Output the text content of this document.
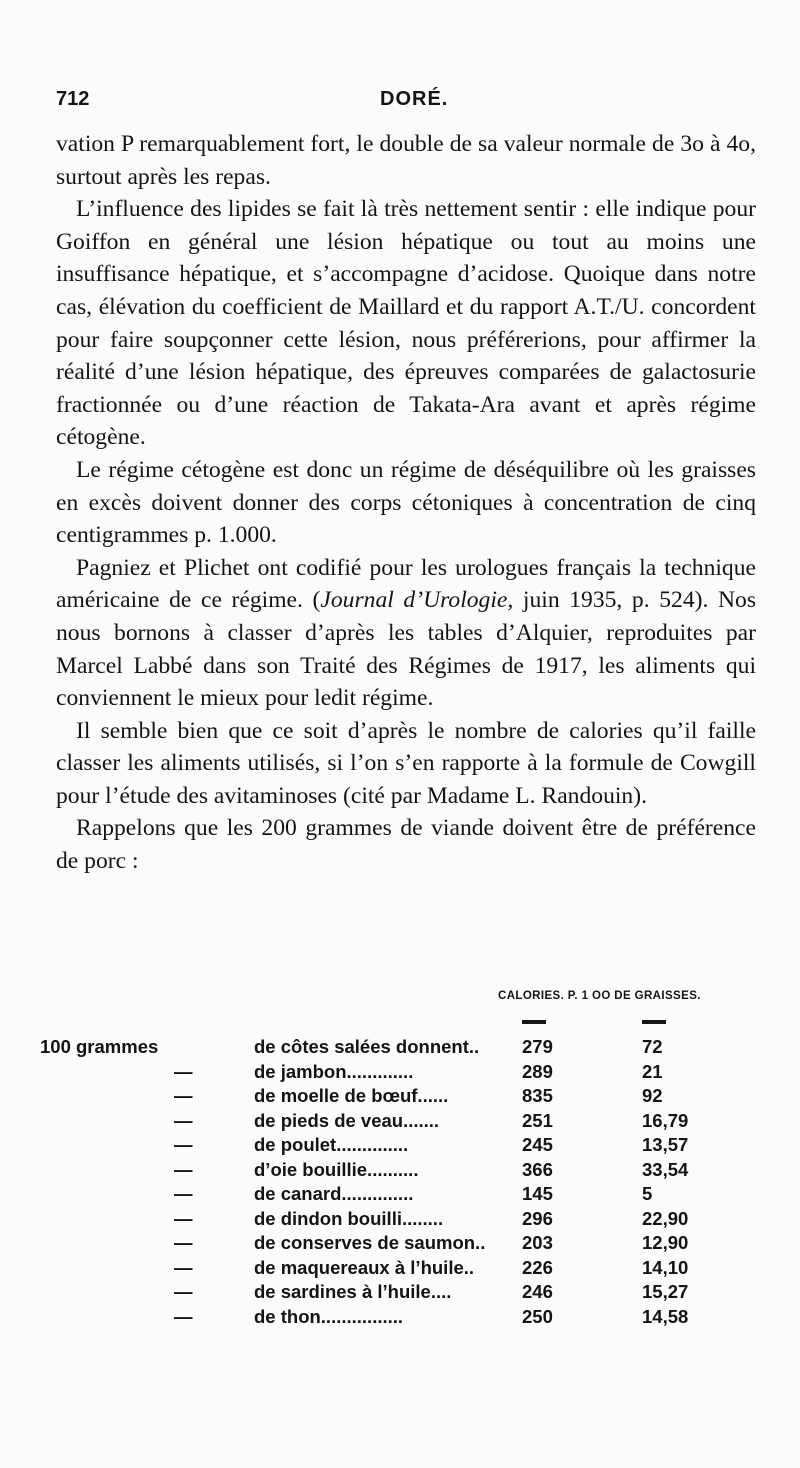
712	DORÉ.

vation P remarquablement fort, le double de sa valeur normale de 3o à 4o, surtout après les repas.

L’influence des lipides se fait là très nettement sentir : elle indique pour Goiffon en général une lésion hépatique ou tout au moins une insuffisance hépatique, et s’accompagne d’acidose. Quoique dans notre cas, élévation du coefficient de Maillard et du rapport A.T./U. concordent pour faire soupçonner cette lésion, nous préférerions, pour affirmer la réalité d’une lésion hépatique, des épreuves comparées de galactosurie fractionnée ou d’une réaction de Takata-Ara avant et après régime cétogène.

Le régime cétogène est donc un régime de déséquilibre où les graisses en excès doivent donner des corps cétoniques à concentration de cinq centigrammes p. 1.000.

Pagniez et Plichet ont codifié pour les urologues français la technique américaine de ce régime. (Journal d’Urologie, juin 1935, p. 524). Nos nous bornons à classer d’après les tables d’Alquier, reproduites par Marcel Labbé dans son Traité des Régimes de 1917, les aliments qui conviennent le mieux pour ledit régime.

Il semble bien que ce soit d’après le nombre de calories qu’il faille classer les aliments utilisés, si l’on s’en rapporte à la formule de Cowgill pour l’étude des avitaminoses (cité par Madame L. Randouin).

Rappelons que les 200 grammes de viande doivent être de préférence de porc :

CALORIES. P. 1 OO DE GRAISSES.
100 grammes	de côtes salées donnent.. 279	72
—	de jambon.............	289	21
—	de moelle de bœuf......	835	92
—	de pieds de veau.......	251	16,79
—	de poulet..............	245	13,57
—	d’oie bouillie..........	366	33,54
—	de canard..............	145	5
—	de dindon bouilli........	296	22,90
—	de conserves de saumon.. 203	12,90
—	de maquereaux à l’huile..	226	14,10
—	de sardines à l’huile....	246	15,27
—	de thon................	250	14,58
